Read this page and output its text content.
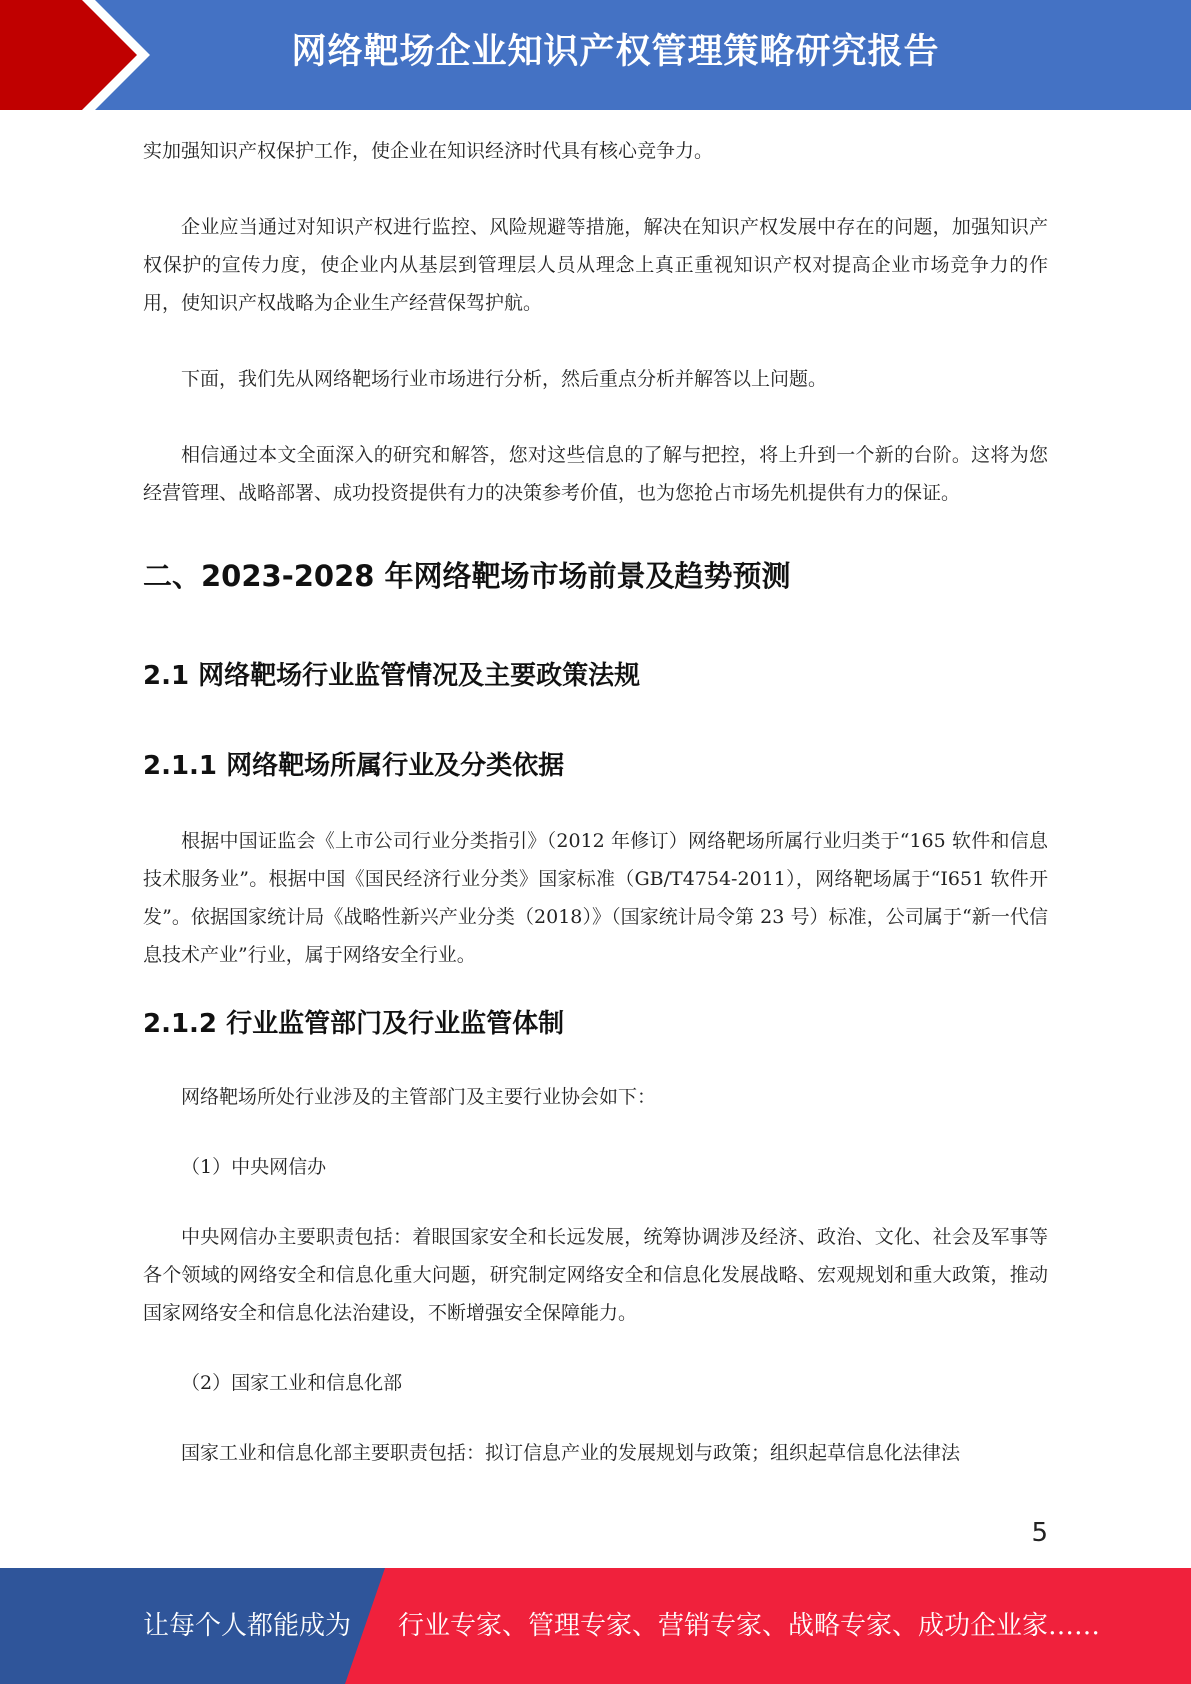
网络靶场企业知识产权管理策略研究报告

实加强知识产权保护工作，使企业在知识经济时代具有核心竞争力。

企业应当通过对知识产权进行监控、风险规避等措施，解决在知识产权发展中存在的问题，加强知识产权保护的宣传力度，使企业内从基层到管理层人员从理念上真正重视知识产权对提高企业市场竞争力的作用，使知识产权战略为企业生产经营保驾护航。

下面，我们先从网络靶场行业市场进行分析，然后重点分析并解答以上问题。

相信通过本文全面深入的研究和解答，您对这些信息的了解与把控，将上升到一个新的台阶。这将为您经营管理、战略部署、成功投资提供有力的决策参考价值，也为您抢占市场先机提供有力的保证。

二、2023-2028 年网络靶场市场前景及趋势预测
2.1 网络靶场行业监管情况及主要政策法规
2.1.1 网络靶场所属行业及分类依据

根据中国证监会《上市公司行业分类指引》（2012 年修订）网络靶场所属行业归类于“165 软件和信息技术服务业”。根据中国《国民经济行业分类》国家标准（GB/T4754-2011），网络靶场属于“I651 软件开发”。依据国家统计局《战略性新兴产业分类（2018）》（国家统计局令第 23 号）标准，公司属于“新一代信息技术产业”行业，属于网络安全行业。

2.1.2 行业监管部门及行业监管体制

网络靶场所处行业涉及的主管部门及主要行业协会如下：

（1）中央网信办

中央网信办主要职责包括：着眼国家安全和长远发展，统筹协调涉及经济、政治、文化、社会及军事等各个领域的网络安全和信息化重大问题，研究制定网络安全和信息化发展战略、宏观规划和重大政策，推动国家网络安全和信息化法治建设，不断增强安全保障能力。

（2）国家工业和信息化部

国家工业和信息化部主要职责包括：拟订信息产业的发展规划与政策；组织起草信息化法律法

5
让每个人都能成为 行业专家、管理专家、营销专家、战略专家、成功企业家……
